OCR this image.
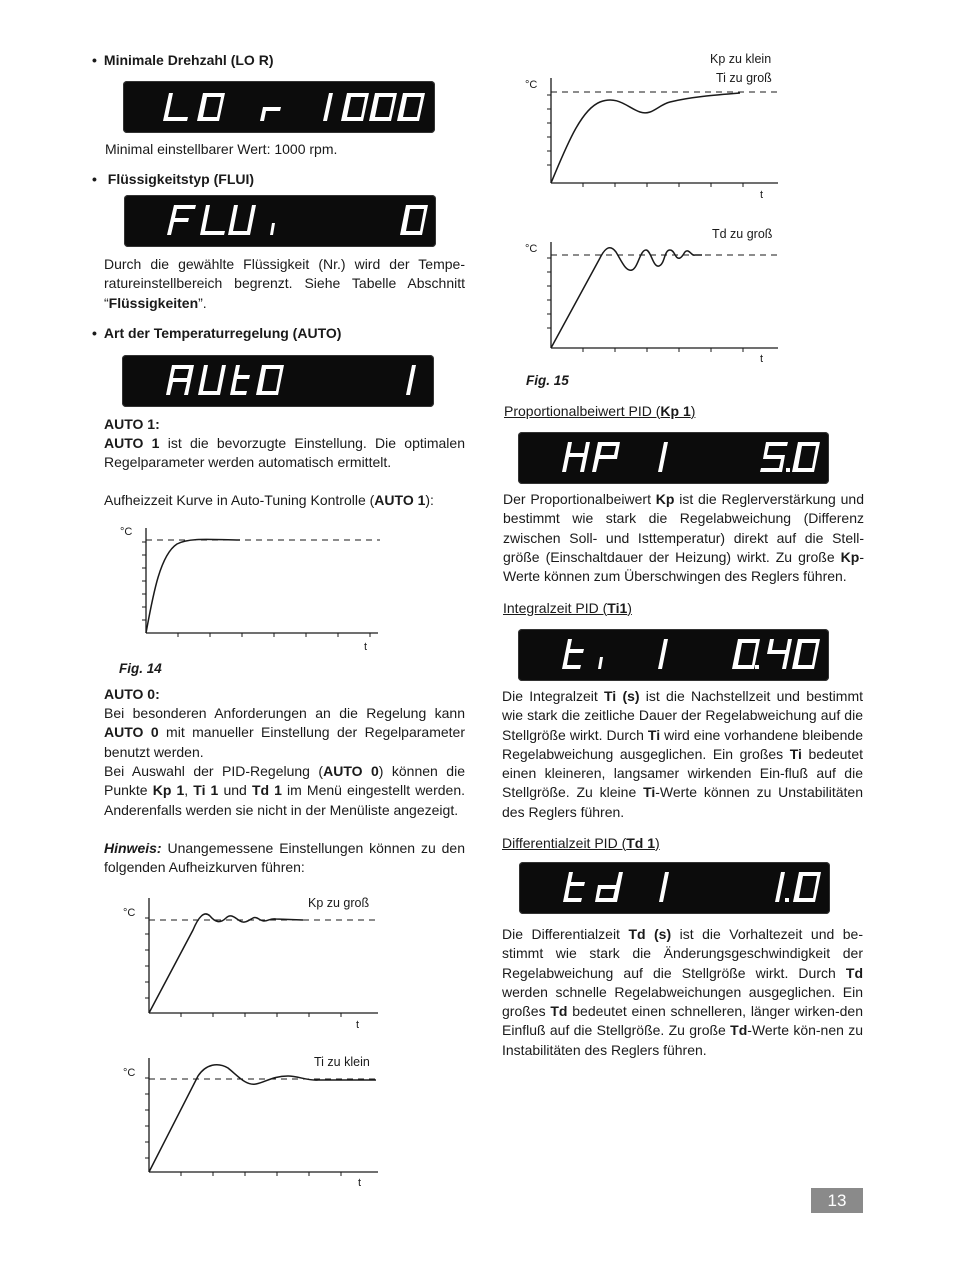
• Minimale Drehzahl (LO R)
Minimal einstellbarer Wert: 1000 rpm.
• Flüssigkeitstyp (FLUI)
Durch die gewählte Flüssigkeit (Nr.) wird der Tempe-ratureinstellbereich begrenzt. Siehe Tabelle Abschnitt “Flüssigkeiten”.
• Art der Temperaturregelung (AUTO)
AUTO 1:
AUTO 1 ist die bevorzugte Einstellung. Die optimalen Regelparameter werden automatisch ermittelt.
Aufheizzeit Kurve in Auto-Tuning Kontrolle (AUTO 1):
°C
t
Fig. 14
AUTO 0:
Bei besonderen Anforderungen an die Regelung kann AUTO 0 mit manueller Einstellung der Regelparameter benutzt werden.
Bei Auswahl der PID-Regelung (AUTO 0) können die Punkte Kp 1, Ti 1 und Td 1 im Menü eingestellt werden. Anderenfalls werden sie nicht in der Menüliste angezeigt.
Hinweis: Unangemessene Einstellungen können zu den folgenden Aufheizkurven führen:
°C
Kp zu groß
t
°C
Ti zu klein
t
Kp zu klein
Ti zu groß
°C
t
Td zu groß
°C
t
Fig. 15
Proportionalbeiwert PID (Kp 1)
Der Proportionalbeiwert Kp ist die Reglerverstärkung und bestimmt wie stark die Regelabweichung (Differenz zwischen Soll- und Isttemperatur) direkt auf die Stell-größe (Einschaltdauer der Heizung) wirkt. Zu große Kp-Werte können zum Überschwingen des Reglers führen.
Integralzeit PID (Ti1)
Die Integralzeit Ti (s) ist die Nachstellzeit und bestimmt wie stark die zeitliche Dauer der Regelabweichung auf die Stellgröße wirkt. Durch Ti wird eine vorhandene bleibende Regelabweichung ausgeglichen. Ein großes Ti bedeutet einen kleineren, langsamer wirkenden Ein-fluß auf die Stellgröße. Zu kleine Ti-Werte können zu Unstabilitäten des Reglers führen.
Differentialzeit PID (Td 1)
Die Differentialzeit Td (s) ist die Vorhaltezeit und be-stimmt wie stark die Änderungsgeschwindigkeit der Regelabweichung auf die Stellgröße wirkt. Durch Td werden schnelle Regelabweichungen ausgeglichen. Ein großes Td bedeutet einen schnelleren, länger wirken-den Einfluß auf die Stellgröße. Zu große Td-Werte kön-nen zu Instabilitäten des Reglers führen.
13
